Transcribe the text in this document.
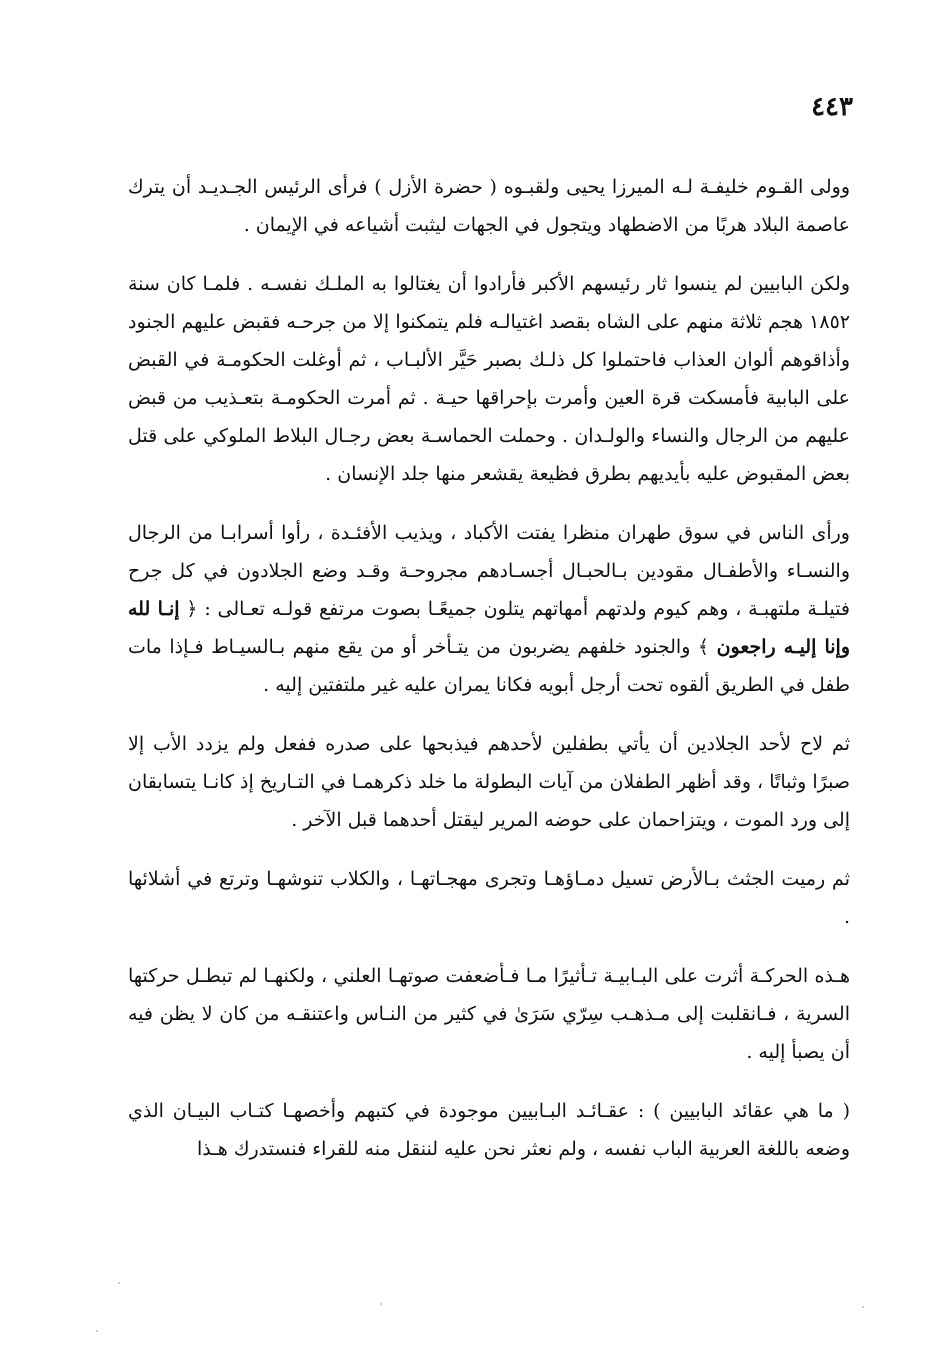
٤٤٣

وولى القـوم خليفـة لـه الميرزا يحيى ولقبـوه ( حضرة الأزل ) فرأى الرئيس الجـديـد أن يترك عاصمة البلاد هربًا من الاضطهاد ويتجول في الجهات ليثبت أشياعه في الإيمان .

ولكن البابيين لم ينسوا ثار رئيسهم الأكبر فأرادوا أن يغتالوا به الملـك نفسـه . فلمـا كان سنة ١٨٥٢ هجم ثلاثة منهم على الشاه بقصد اغتيالـه فلم يتمكنوا إلا من جرحـه فقبض عليهم الجنود وأذاقوهم ألوان العذاب فاحتملوا كل ذلـك بصبر حَيَّر الألبـاب ، ثم أوغلت الحكومـة في القبض على البابية فأمسكت قرة العين وأمرت بإحراقها حيـة . ثم أمرت الحكومـة بتعـذيب من قبض عليهم من الرجال والنساء والولـدان . وحملت الحماسـة بعض رجـال البلاط الملوكي على قتل بعض المقبوض عليه بأيديهم بطرق فظيعة يقشعر منها جلد الإنسان .

ورأى الناس في سوق طهران منظرا يفتت الأكباد ، ويذيب الأفئـدة ، رأوا أسرابـا من الرجال والنسـاء والأطفـال مقودين بـالحبـال أجسـادهم مجروحـة وقـد وضع الجلادون في كل جرح فتيلـة ملتهبـة ، وهم كيوم ولدتهم أمهاتهم يتلون جميعًـا بصوت مرتفع قولـه تعـالى : ﴿ إنـا لله وإنا إليـه راجعون ﴾ والجنود خلفهم يضربون من يتـأخر أو من يقع منهم بـالسيـاط فـإذا مات طفل في الطريق ألقوه تحت أرجل أبويه فكانا يمران عليه غير ملتفتين إليه .

ثم لاح لأحد الجلادين أن يأتي بطفلين لأحدهم فيذبحها على صدره ففعل ولم يزدد الأب إلا صبرًا وثباتًا ، وقد أظهر الطفلان من آيات البطولة ما خلد ذكرهمـا في التـاريخ إذ كانـا يتسابقان إلى ورد الموت ، ويتزاحمان على حوضه المرير ليقتل أحدهما قبل الآخر .

ثم رميت الجثث بـالأرض تسيل دمـاؤهـا وتجرى مهجـاتهـا ، والكلاب تنوشهـا وترتع في أشلائها .

هـذه الحركـة أثرت على البـابيـة تـأثيرًا مـا فـأضعفت صوتهـا العلني ، ولكنهـا لم تبطـل حركتها السرية ، فـانقلبت إلى مـذهـب سِرّي سَرَىٰ في كثير من النـاس واعتنقـه من كان لا يظن فيه أن يصبأ إليه .

( ما هي عقائد البابيين ) : عقـائـد البـابيين موجودة في كتبهم وأخصهـا كتـاب البيـان الذي وضعه باللغة العربية الباب نفسه ، ولم نعثر نحن عليه لننقل منه للقراء فنستدرك هـذا
